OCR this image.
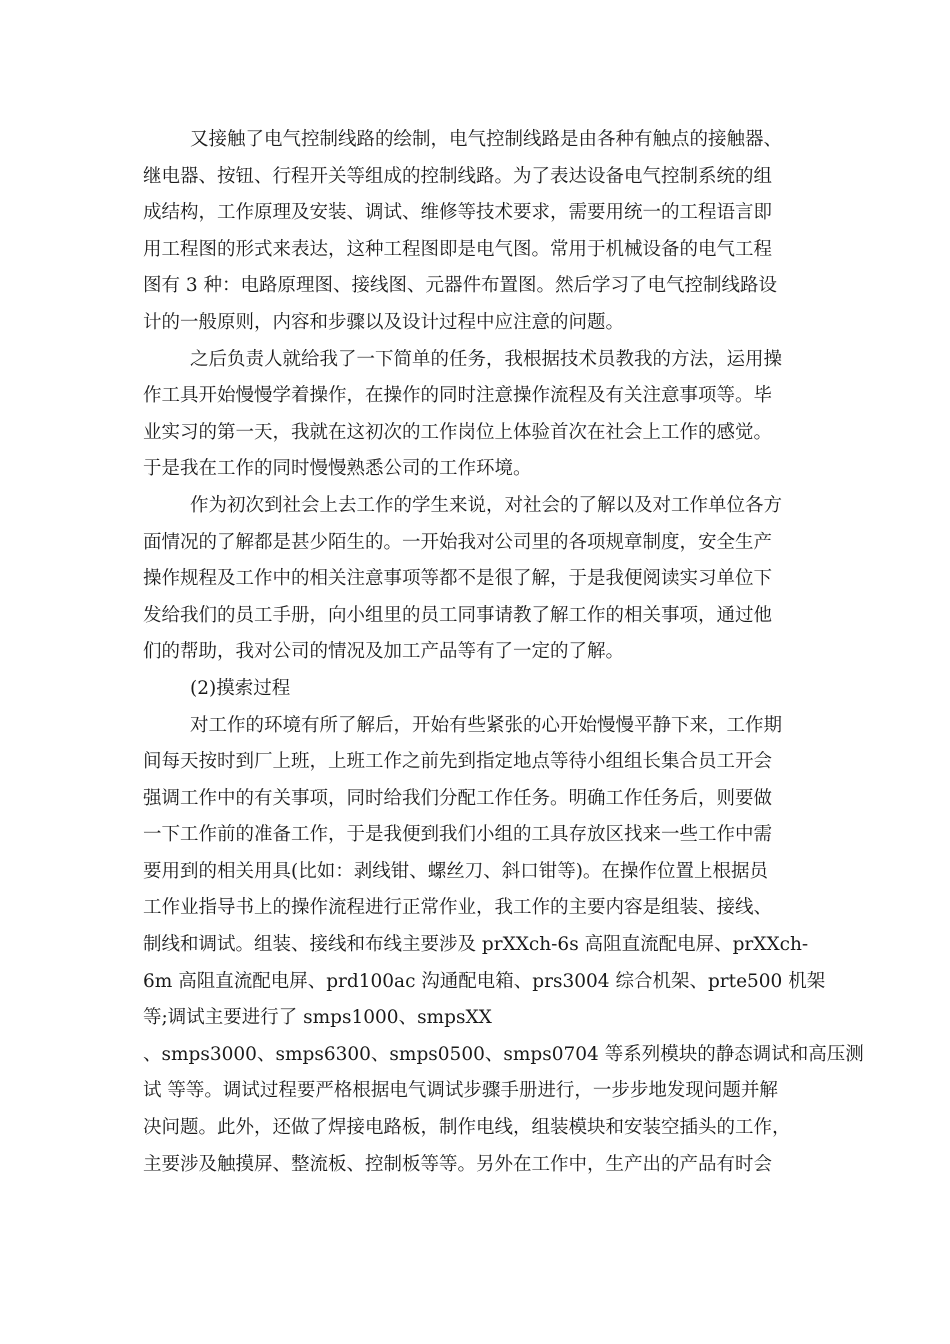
又接触了电气控制线路的绘制，电气控制线路是由各种有触点的接触器、
继电器、按钮、行程开关等组成的控制线路。为了表达设备电气控制系统的组
成结构，工作原理及安装、调试、维修等技术要求，需要用统一的工程语言即
用工程图的形式来表达，这种工程图即是电气图。常用于机械设备的电气工程
图有 3 种：电路原理图、接线图、元器件布置图。然后学习了电气控制线路设
计的一般原则，内容和步骤以及设计过程中应注意的问题。
之后负责人就给我了一下简单的任务，我根据技术员教我的方法，运用操
作工具开始慢慢学着操作，在操作的同时注意操作流程及有关注意事项等。毕
业实习的第一天，我就在这初次的工作岗位上体验首次在社会上工作的感觉。
于是我在工作的同时慢慢熟悉公司的工作环境。
作为初次到社会上去工作的学生来说，对社会的了解以及对工作单位各方
面情况的了解都是甚少陌生的。一开始我对公司里的各项规章制度，安全生产
操作规程及工作中的相关注意事项等都不是很了解，于是我便阅读实习单位下
发给我们的员工手册，向小组里的员工同事请教了解工作的相关事项，通过他
们的帮助，我对公司的情况及加工产品等有了一定的了解。
(2)摸索过程
对工作的环境有所了解后，开始有些紧张的心开始慢慢平静下来，工作期
间每天按时到厂上班，上班工作之前先到指定地点等待小组组长集合员工开会
强调工作中的有关事项，同时给我们分配工作任务。明确工作任务后，则要做
一下工作前的准备工作，于是我便到我们小组的工具存放区找来一些工作中需
要用到的相关用具(比如：剥线钳、螺丝刀、斜口钳等)。在操作位置上根据员
工作业指导书上的操作流程进行正常作业，我工作的主要内容是组装、接线、
制线和调试。组装、接线和布线主要涉及 prXXch-6s 高阻直流配电屏、prXXch-
6m 高阻直流配电屏、prd100ac 沟通配电箱、prs3004 综合机架、prte500 机架
等;调试主要进行了 smps1000、smpsXX
、smps3000、smps6300、smps0500、smps0704 等系列模块的静态调试和高压测
试 等等。调试过程要严格根据电气调试步骤手册进行，一步步地发现问题并解
决问题。此外，还做了焊接电路板，制作电线，组装模块和安装空插头的工作，
主要涉及触摸屏、整流板、控制板等等。另外在工作中，生产出的产品有时会
